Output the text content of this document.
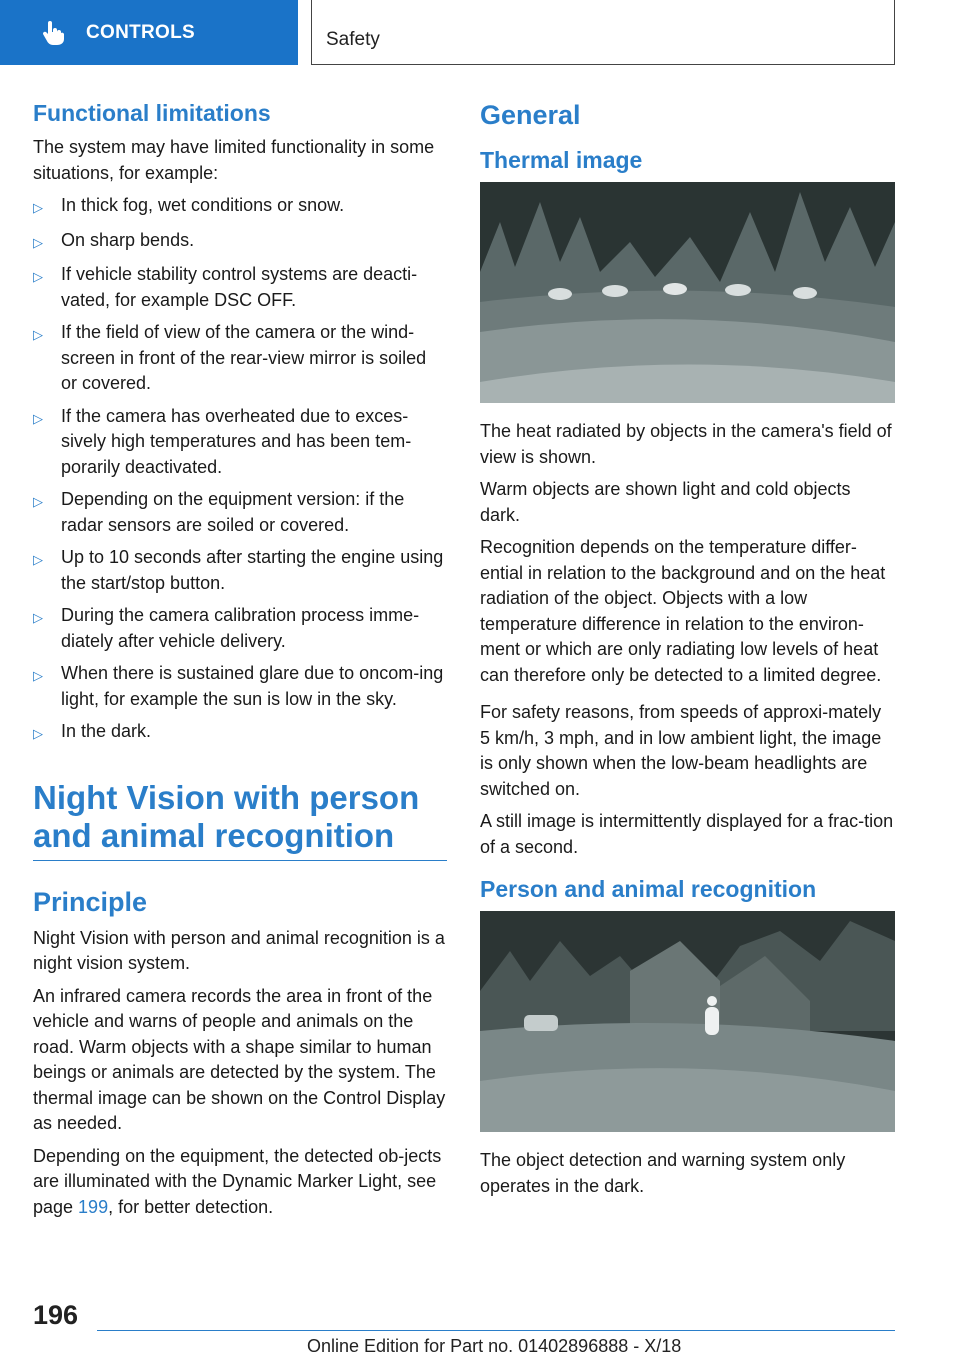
CONTROLS	Safety
Functional limitations

The system may have limited functionality in some situations, for example:

▷	In thick fog, wet conditions or snow.
▷	On sharp bends.
▷	If vehicle stability control systems are deacti‐vated, for example DSC OFF.
▷	If the field of view of the camera or the wind‐screen in front of the rear-view mirror is soiled or covered.
▷	If the camera has overheated due to exces‐sively high temperatures and has been tem‐porarily deactivated.
▷	Depending on the equipment version: if the radar sensors are soiled or covered.
▷	Up to 10 seconds after starting the engine using the start/stop button.
▷	During the camera calibration process imme‐diately after vehicle delivery.
▷	When there is sustained glare due to oncom‐ing light, for example the sun is low in the sky.
▷	In the dark.
Night Vision with person and animal recognition
Principle

Night Vision with person and animal recognition is a night vision system.

An infrared camera records the area in front of the vehicle and warns of people and animals on the road. Warm objects with a shape similar to human beings or animals are detected by the system. The thermal image can be shown on the Control Display as needed.

Depending on the equipment, the detected ob‐jects are illuminated with the Dynamic Marker Light, see page 199, for better detection.

General
Thermal image

The heat radiated by objects in the camera's field of view is shown.

Warm objects are shown light and cold objects dark.

Recognition depends on the temperature differ‐ential in relation to the background and on the heat radiation of the object. Objects with a low temperature difference in relation to the environ‐ment or which are only radiating low levels of heat can therefore only be detected to a limited degree.

For safety reasons, from speeds of approxi‐mately 5 km/h, 3 mph, and in low ambient light, the image is only shown when the low-beam headlights are switched on.

A still image is intermittently displayed for a frac‐tion of a second.

Person and animal recognition

The object detection and warning system only operates in the dark.

196
Online Edition for Part no. 01402896888 - X/18
